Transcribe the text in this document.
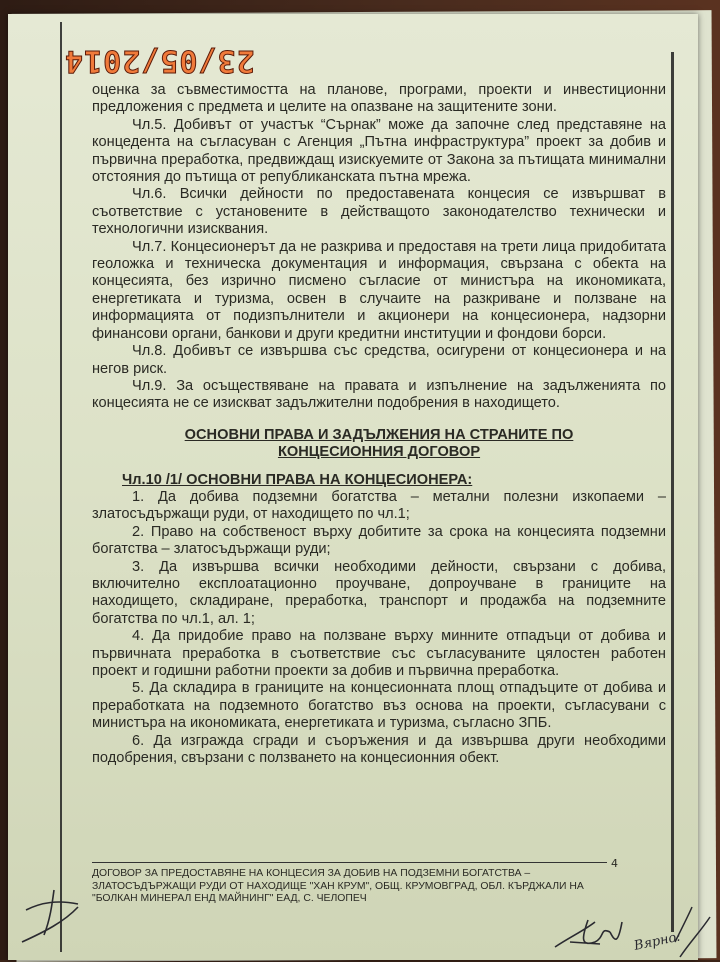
23/05/2014

оценка за съвместимостта на планове, програми, проекти и инвестиционни предложения с предмета и целите на опазване на защитените зони.

Чл.5. Добивът от участък “Сърнак” може да започне след представяне на концедента на съгласуван с Агенция „Пътна инфраструктура” проект за добив и първична преработка, предвиждащ изискуемите от Закона за пътищата минимални отстояния до пътища от републиканската пътна мрежа.

Чл.6. Всички дейности по предоставената концесия се извършват в съответствие с установените в действащото законодателство технически и технологични изисквания.

Чл.7. Концесионерът да не разкрива и предоставя на трети лица придобитата геоложка и техническа документация и информация, свързана с обекта на концесията, без изрично писмено съгласие от министъра на икономиката, енергетиката и туризма, освен в случаите на разкриване и ползване на информацията от подизпълнители и акционери на концесионера, надзорни финансови органи, банкови и други кредитни институции и фондови борси.

Чл.8. Добивът се извършва със средства, осигурени от концесионера и на негов риск.

Чл.9. За осъществяване на правата и изпълнение на задълженията по концесията не се изискват задължителни подобрения в находището.

ОСНОВНИ ПРАВА И ЗАДЪЛЖЕНИЯ НА СТРАНИТЕ ПО

КОНЦЕСИОННИЯ ДОГОВОР

Чл.10 /1/ ОСНОВНИ ПРАВА НА КОНЦЕСИОНЕРА:

1. Да добива подземни богатства – метални полезни изкопаеми – златосъдържащи руди, от находището по чл.1;

2. Право на собственост върху добитите за срока на концесията подземни богатства – златосъдържащи руди;

3. Да извършва всички необходими дейности, свързани с добива, включително експлоатационно проучване, допроучване в границите на находището, складиране, преработка, транспорт и продажба на подземните богатства по чл.1, ал. 1;

4. Да придобие право на ползване върху минните отпадъци от добива и първичната преработка в съответствие със съгласуваните цялостен работен проект и годишни работни проекти за добив и първична преработка.

5. Да складира в границите на концесионната площ отпадъците от добива и преработката на подземното богатство въз основа на проекти, съгласувани с министъра на икономиката, енергетиката и туризма, съгласно ЗПБ.

6. Да изгражда сгради и съоръжения и да извършва други необходими подобрения, свързани с ползването на концесионния обект.

4
ДОГОВОР ЗА ПРЕДОСТАВЯНЕ НА КОНЦЕСИЯ ЗА ДОБИВ НА ПОДЗЕМНИ БОГАТСТВА – ЗЛАТОСЪДЪРЖАЩИ РУДИ ОТ НАХОДИЩЕ "ХАН КРУМ", ОБЩ. КРУМОВГРАД, ОБЛ. КЪРДЖАЛИ НА "БОЛКАН МИНЕРАЛ ЕНД МАЙНИНГ" ЕАД, С. ЧЕЛОПЕЧ
Вярно:
